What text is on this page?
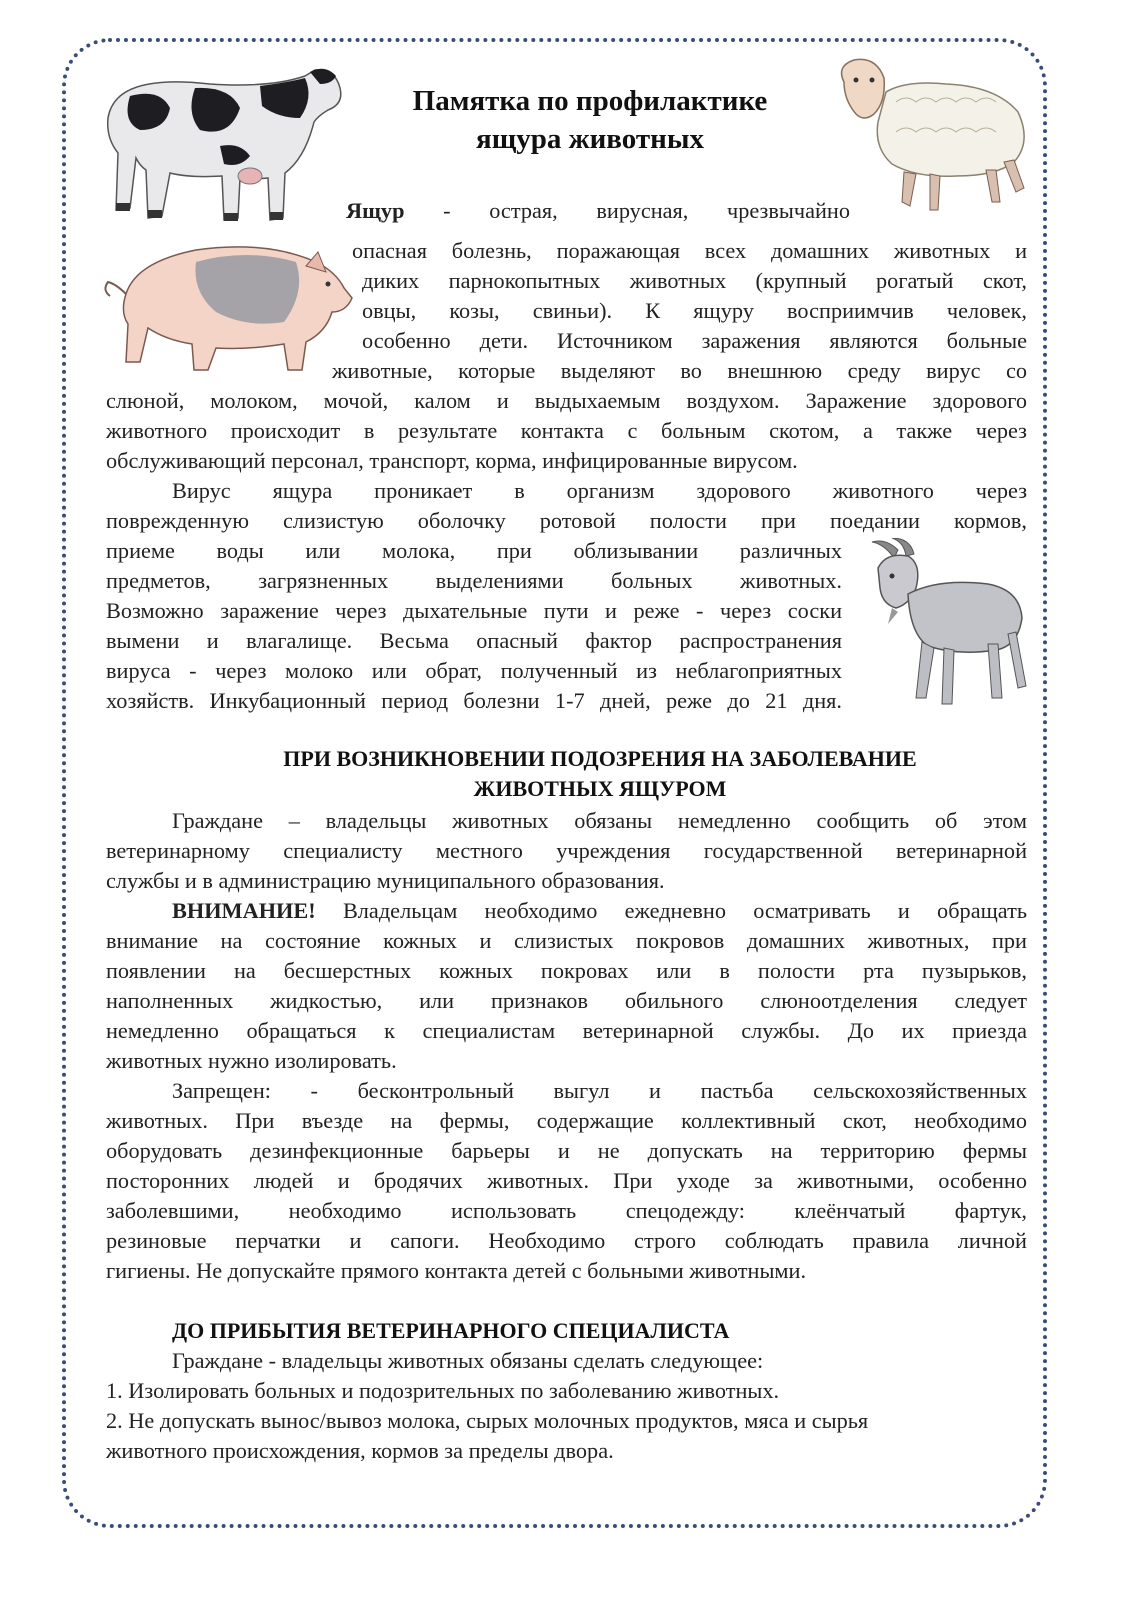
Памятка по профилактике
ящура животных
Ящур - острая, вирусная, чрезвычайно
опасная болезнь, поражающая всех домашних животных и
диких парнокопытных животных (крупный рогатый скот,
овцы, козы, свиньи). К ящуру восприимчив человек,
особенно дети. Источником заражения являются больные
животные, которые выделяют во внешнюю среду вирус со
слюной, молоком, мочой, калом и выдыхаемым воздухом. Заражение здорового
животного происходит в результате контакта с больным скотом, а также через
обслуживающий персонал, транспорт, корма, инфицированные вирусом.
Вирус ящура проникает в организм здорового животного через
поврежденную слизистую оболочку ротовой полости при поедании кормов,
приеме воды или молока, при облизывании различных
предметов, загрязненных выделениями больных животных.
Возможно заражение через дыхательные пути и реже - через соски
вымени и влагалище. Весьма опасный фактор распространения
вируса - через молоко или обрат, полученный из неблагоприятных
хозяйств. Инкубационный период болезни 1-7 дней, реже до 21 дня.
ПРИ ВОЗНИКНОВЕНИИ ПОДОЗРЕНИЯ НА ЗАБОЛЕВАНИЕ
ЖИВОТНЫХ ЯЩУРОМ
Граждане – владельцы животных обязаны немедленно сообщить об этом
ветеринарному специалисту местного учреждения государственной ветеринарной
службы и в администрацию муниципального образования.
ВНИМАНИЕ! Владельцам необходимо ежедневно осматривать и обращать
внимание на состояние кожных и слизистых покровов домашних животных, при
появлении на бесшерстных кожных покровах или в полости рта пузырьков,
наполненных жидкостью, или признаков обильного слюноотделения следует
немедленно обращаться к специалистам ветеринарной службы. До их приезда
животных нужно изолировать.
Запрещен: - бесконтрольный выгул и пастьба сельскохозяйственных
животных. При въезде на фермы, содержащие коллективный скот, необходимо
оборудовать дезинфекционные барьеры и не допускать на территорию фермы
посторонних людей и бродячих животных. При уходе за животными, особенно
заболевшими, необходимо использовать спецодежду: клеёнчатый фартук,
резиновые перчатки и сапоги. Необходимо строго соблюдать правила личной
гигиены. Не допускайте прямого контакта детей с больными животными.
ДО ПРИБЫТИЯ ВЕТЕРИНАРНОГО СПЕЦИАЛИСТА
Граждане - владельцы животных обязаны сделать следующее:
1. Изолировать больных и подозрительных по заболеванию животных.
2. Не допускать вынос/вывоз молока, сырых молочных продуктов, мяса и сырья
животного происхождения, кормов за пределы двора.
